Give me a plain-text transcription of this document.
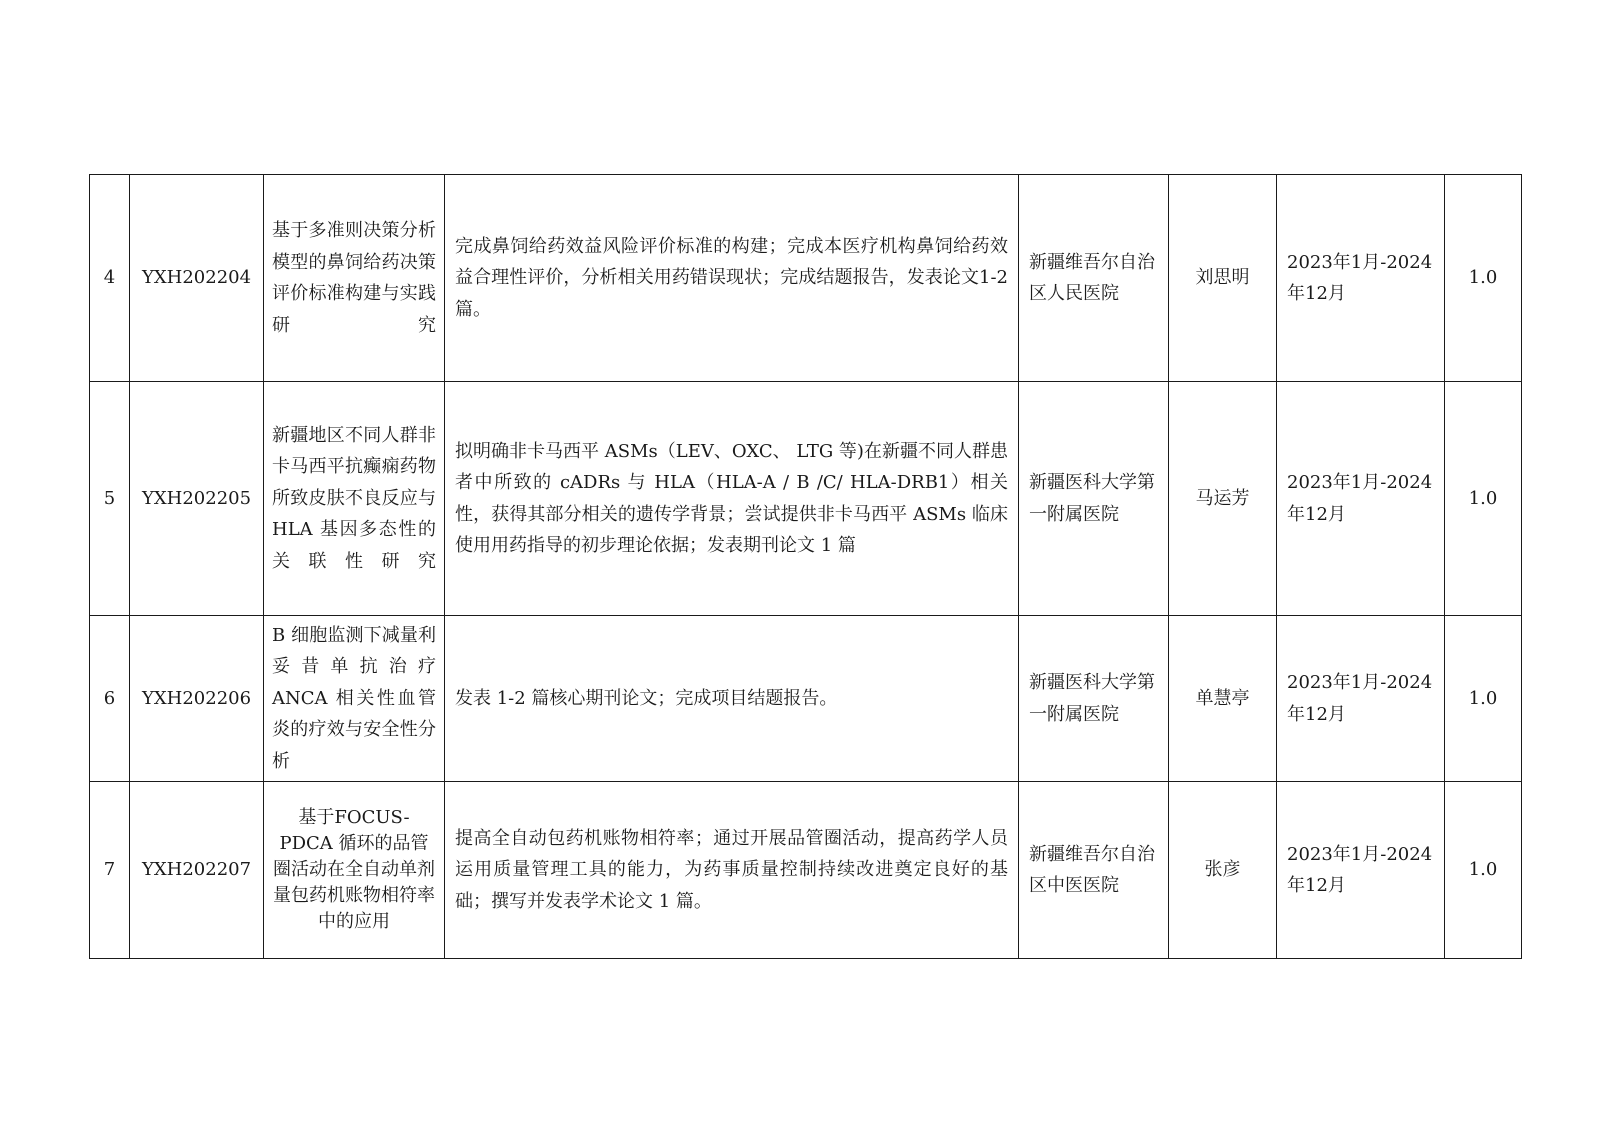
4	YXH202204	基于多准则决策分析模型的鼻饲给药决策评价标准构建与实践研究	完成鼻饲给药效益风险评价标准的构建；完成本医疗机构鼻饲给药效益合理性评价，分析相关用药错误现状；完成结题报告，发表论文1-2篇。	新疆维吾尔自治区人民医院	刘思明	2023年1月-2024年12月	1.0
5	YXH202205	新疆地区不同人群非卡马西平抗癫痫药物所致皮肤不良反应与HLA 基因多态性的关联性研究	拟明确非卡马西平 ASMs（LEV、OXC、 LTG 等)在新疆不同人群患者中所致的 cADRs 与 HLA（HLA-A / B /C/ HLA-DRB1）相关性，获得其部分相关的遗传学背景；尝试提供非卡马西平 ASMs 临床使用用药指导的初步理论依据；发表期刊论文 1 篇	新疆医科大学第一附属医院	马运芳	2023年1月-2024年12月	1.0
6	YXH202206	B 细胞监测下减量利妥昔单抗治疗 ANCA 相关性血管炎的疗效与安全性分析	发表 1-2 篇核心期刊论文；完成项目结题报告。	新疆医科大学第一附属医院	单慧亭	2023年1月-2024年12月	1.0
7	YXH202207	基于FOCUS-PDCA 循环的品管圈活动在全自动单剂量包药机账物相符率中的应用	提高全自动包药机账物相符率；通过开展品管圈活动，提高药学人员运用质量管理工具的能力，为药事质量控制持续改进奠定良好的基础；撰写并发表学术论文 1 篇。	新疆维吾尔自治区中医医院	张彦	2023年1月-2024年12月	1.0
